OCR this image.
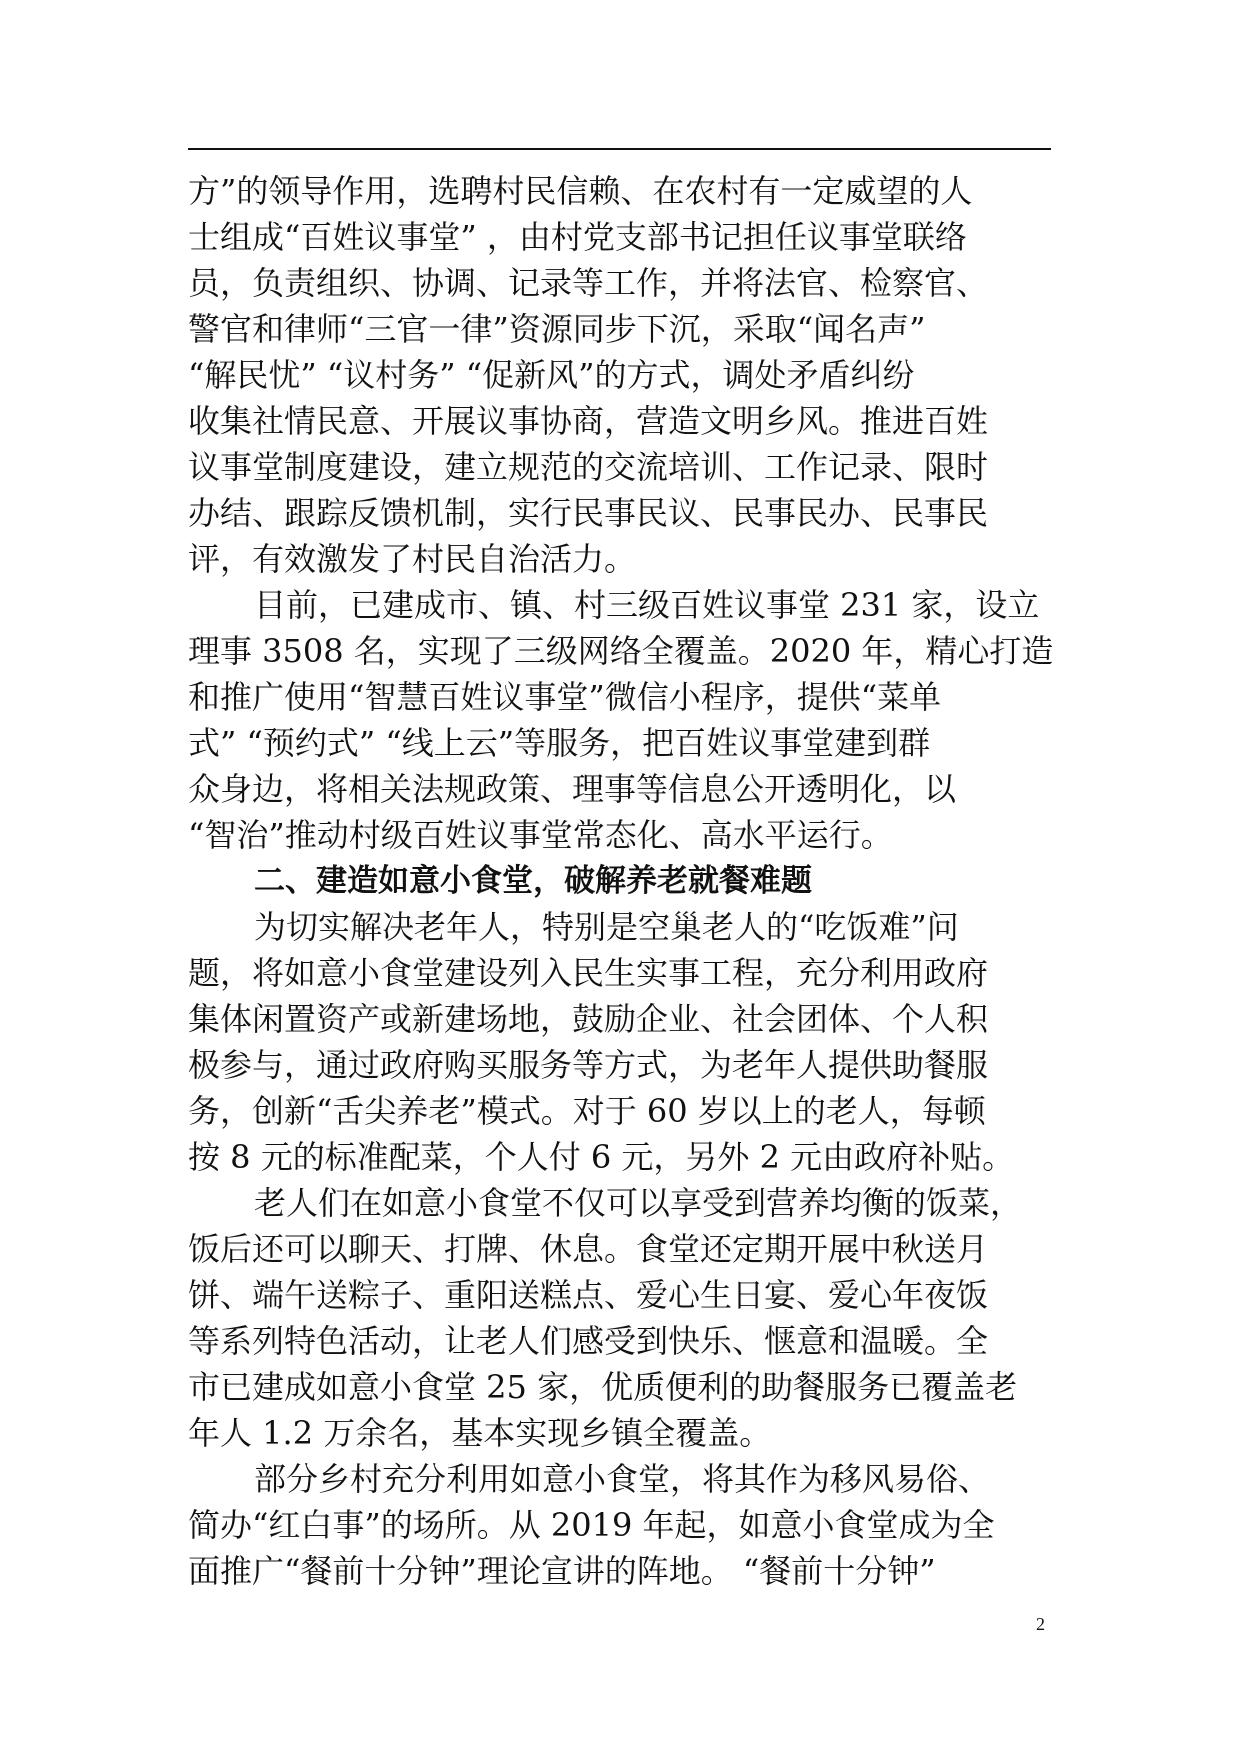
方”的领导作用，选聘村民信赖、在农村有一定威望的人
士组成“百姓议事堂” ，由村党支部书记担任议事堂联络
员，负责组织、协调、记录等工作，并将法官、检察官、
警官和律师“三官一律”资源同步下沉，采取“闻名声”
“解民忧” “议村务” “促新风”的方式，调处矛盾纠纷
收集社情民意、开展议事协商，营造文明乡风。推进百姓
议事堂制度建设，建立规范的交流培训、工作记录、限时
办结、跟踪反馈机制，实行民事民议、民事民办、民事民
评，有效激发了村民自治活力。
目前，已建成市、镇、村三级百姓议事堂 231 家，设立
理事 3508 名，实现了三级网络全覆盖。2020 年，精心打造
和推广使用“智慧百姓议事堂”微信小程序，提供“菜单
式” “预约式” “线上云”等服务，把百姓议事堂建到群
众身边，将相关法规政策、理事等信息公开透明化，以
“智治”推动村级百姓议事堂常态化、高水平运行。
二、建造如意小食堂，破解养老就餐难题
为切实解决老年人，特别是空巢老人的“吃饭难”问
题，将如意小食堂建设列入民生实事工程，充分利用政府
集体闲置资产或新建场地，鼓励企业、社会团体、个人积
极参与，通过政府购买服务等方式，为老年人提供助餐服
务，创新“舌尖养老”模式。对于 60 岁以上的老人，每顿
按 8 元的标准配菜，个人付 6 元，另外 2 元由政府补贴。
老人们在如意小食堂不仅可以享受到营养均衡的饭菜，
饭后还可以聊天、打牌、休息。食堂还定期开展中秋送月
饼、端午送粽子、重阳送糕点、爱心生日宴、爱心年夜饭
等系列特色活动，让老人们感受到快乐、惬意和温暖。全
市已建成如意小食堂 25 家，优质便利的助餐服务已覆盖老
年人 1.2 万余名，基本实现乡镇全覆盖。
部分乡村充分利用如意小食堂，将其作为移风易俗、
简办“红白事”的场所。从 2019 年起，如意小食堂成为全
面推广“餐前十分钟”理论宣讲的阵地。 “餐前十分钟”
2
